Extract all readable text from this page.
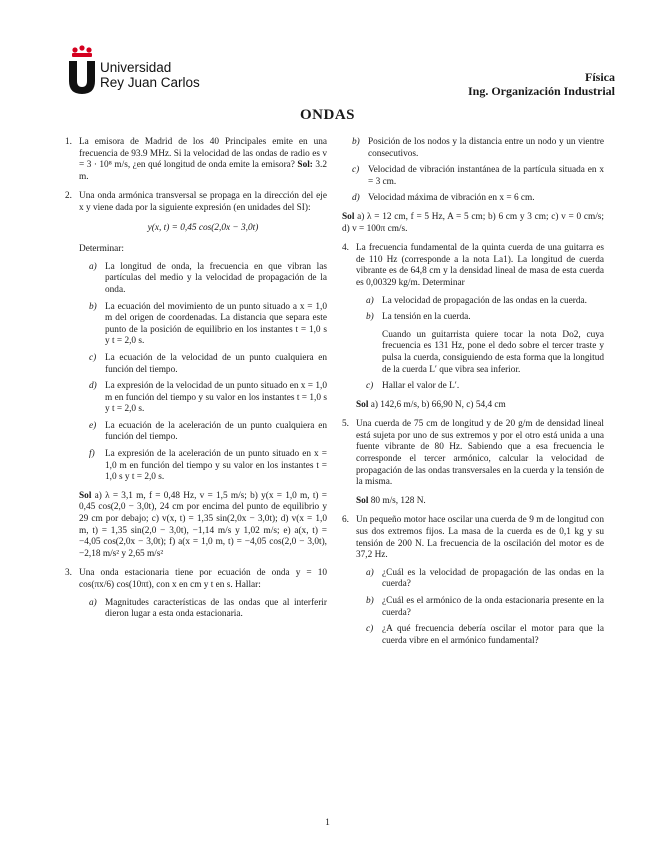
Universidad
Rey Juan Carlos	Física
Ing. Organización Industrial
ONDAS
1. La emisora de Madrid de los 40 Principales emite en una frecuencia de 93.9 MHz. Si la velocidad de las ondas de radio es v = 3 · 10⁸ m/s, ¿en qué longitud de onda emite la emisora? Sol: 3.2 m.
2. Una onda armónica transversal se propaga en la dirección del eje x y viene dada por la siguiente expresión (en unidades del SI):
y(x, t) = 0,45 cos(2,0x − 3,0t)
Determinar:
a) La longitud de onda, la frecuencia en que vibran las partículas del medio y la velocidad de propagación de la onda.
b) La ecuación del movimiento de un punto situado a x = 1,0 m del origen de coordenadas. La distancia que separa este punto de la posición de equilibrio en los instantes t = 1,0 s y t = 2,0 s.
c) La ecuación de la velocidad de un punto cualquiera en función del tiempo.
d) La expresión de la velocidad de un punto situado en x = 1,0 m en función del tiempo y su valor en los instantes t = 1,0 s y t = 2,0 s.
e) La ecuación de la aceleración de un punto cualquiera en función del tiempo.
f) La expresión de la aceleración de un punto situado en x = 1,0 m en función del tiempo y su valor en los instantes t = 1,0 s y t = 2,0 s.
Sol a) λ = 3,1 m, f = 0,48 Hz, v = 1,5 m/s; b) y(x = 1,0 m, t) = 0,45 cos(2,0 − 3,0t), 24 cm por encima del punto de equilibrio y 29 cm por debajo; c) v(x, t) = 1,35 sin(2,0x − 3,0t); d) v(x = 1,0 m, t) = 1,35 sin(2,0 − 3,0t), −1,14 m/s y 1,02 m/s; e) a(x, t) = −4,05 cos(2,0x − 3,0t); f) a(x = 1,0 m, t) = −4,05 cos(2,0 − 3,0t), −2,18 m/s² y 2,65 m/s²
3. Una onda estacionaria tiene por ecuación de onda y = 10 cos(πx/6) cos(10πt), con x en cm y t en s. Hallar:
a) Magnitudes características de las ondas que al interferir dieron lugar a esta onda estacionaria.
b) Posición de los nodos y la distancia entre un nodo y un vientre consecutivos.
c) Velocidad de vibración instantánea de la partícula situada en x = 3 cm.
d) Velocidad máxima de vibración en x = 6 cm.
Sol a) λ = 12 cm, f = 5 Hz, A = 5 cm; b) 6 cm y 3 cm; c) v = 0 cm/s; d) v = 100π cm/s.
4. La frecuencia fundamental de la quinta cuerda de una guitarra es de 110 Hz (corresponde a la nota La1). La longitud de cuerda vibrante es de 64,8 cm y la densidad lineal de masa de esta cuerda es 0,00329 kg/m. Determinar
a) La velocidad de propagación de las ondas en la cuerda.
b) La tensión en la cuerda.
Cuando un guitarrista quiere tocar la nota Do2, cuya frecuencia es 131 Hz, pone el dedo sobre el tercer traste y pulsa la cuerda, consiguiendo de esta forma que la longitud de la cuerda L′ que vibra sea inferior.
c) Hallar el valor de L′.
Sol a) 142,6 m/s, b) 66,90 N, c) 54,4 cm
5. Una cuerda de 75 cm de longitud y de 20 g/m de densidad lineal está sujeta por uno de sus extremos y por el otro está unida a una fuente vibrante de 80 Hz. Sabiendo que a esa frecuencia le corresponde el tercer armónico, calcular la velocidad de propagación de las ondas transversales en la cuerda y la tensión de la misma.
Sol 80 m/s, 128 N.
6. Un pequeño motor hace oscilar una cuerda de 9 m de longitud con sus dos extremos fijos. La masa de la cuerda es de 0,1 kg y su tensión de 200 N. La frecuencia de la oscilación del motor es de 37,2 Hz.
a) ¿Cuál es la velocidad de propagación de las ondas en la cuerda?
b) ¿Cuál es el armónico de la onda estacionaria presente en la cuerda?
c) ¿A qué frecuencia debería oscilar el motor para que la cuerda vibre en el armónico fundamental?
1
